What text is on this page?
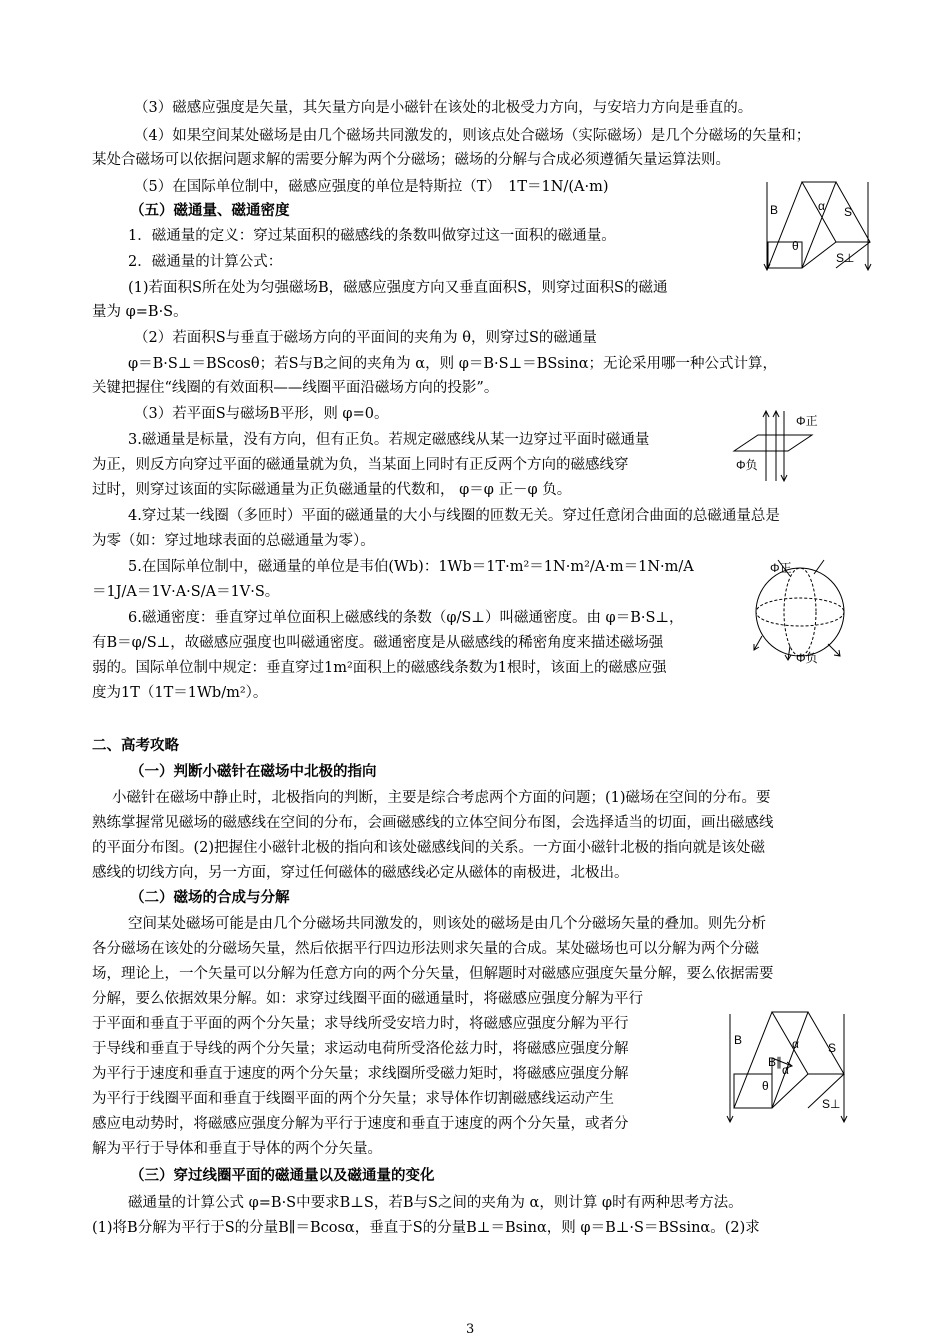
（3）磁感应强度是矢量，其矢量方向是小磁针在该处的北极受力方向，与安培力方向是垂直的。
（4）如果空间某处磁场是由几个磁场共同激发的，则该点处合磁场（实际磁场）是几个分磁场的矢量和；
某处合磁场可以依据问题求解的需要分解为两个分磁场；磁场的分解与合成必须遵循矢量运算法则。
（5）在国际单位制中，磁感应强度的单位是特斯拉（T）　1T＝1N/(A·m)
（五）磁通量、磁通密度
1．磁通量的定义：穿过某面积的磁感线的条数叫做穿过这一面积的磁通量。
2．磁通量的计算公式：
(1)若面积S所在处为匀强磁场B，磁感应强度方向又垂直面积S，则穿过面积S的磁通
量为 φ=B·S。
（2）若面积S与垂直于磁场方向的平面间的夹角为 θ，则穿过S的磁通量
φ＝B·S⊥＝BScosθ；若S与B之间的夹角为 α，则 φ＝B·S⊥＝BSsinα；无论采用哪一种公式计算，
关键把握住“线圈的有效面积——线圈平面沿磁场方向的投影”。
（3）若平面S与磁场B平形，则 φ=0。
3.磁通量是标量，没有方向，但有正负。若规定磁感线从某一边穿过平面时磁通量
为正，则反方向穿过平面的磁通量就为负，当某面上同时有正反两个方向的磁感线穿
过时，则穿过该面的实际磁通量为正负磁通量的代数和， φ＝φ 正－φ 负。
4.穿过某一线圈（多匝时）平面的磁通量的大小与线圈的匝数无关。穿过任意闭合曲面的总磁通量总是
为零（如：穿过地球表面的总磁通量为零）。
5.在国际单位制中，磁通量的单位是韦伯(Wb)：1Wb＝1T·m²＝1N·m²/A·m＝1N·m/A
＝1J/A＝1V·A·S/A＝1V·S。
6.磁通密度：垂直穿过单位面积上磁感线的条数（φ/S⊥）叫磁通密度。由 φ＝B·S⊥，
有B＝φ/S⊥，故磁感应强度也叫磁通密度。磁通密度是从磁感线的稀密角度来描述磁场强
弱的。国际单位制中规定：垂直穿过1m²面积上的磁感线条数为1根时，该面上的磁感应强
度为1T（1T＝1Wb/m²）。
二、高考攻略
（一）判断小磁针在磁场中北极的指向
小磁针在磁场中静止时，北极指向的判断，主要是综合考虑两个方面的问题；(1)磁场在空间的分布。要
熟练掌握常见磁场的磁感线在空间的分布，会画磁感线的立体空间分布图，会选择适当的切面，画出磁感线
的平面分布图。(2)把握住小磁针北极的指向和该处磁感线间的关系。一方面小磁针北极的指向就是该处磁
感线的切线方向，另一方面，穿过任何磁体的磁感线必定从磁体的南极进，北极出。
（二）磁场的合成与分解
空间某处磁场可能是由几个分磁场共同激发的，则该处的磁场是由几个分磁场矢量的叠加。则先分析
各分磁场在该处的分磁场矢量，然后依据平行四边形法则求矢量的合成。某处磁场也可以分解为两个分磁
场，理论上，一个矢量可以分解为任意方向的两个分矢量，但解题时对磁感应强度矢量分解，要么依据需要
分解，要么依据效果分解。如：求穿过线圈平面的磁通量时，将磁感应强度分解为平行
于平面和垂直于平面的两个分矢量；求导线所受安培力时，将磁感应强度分解为平行
于导线和垂直于导线的两个分矢量；求运动电荷所受洛伦兹力时，将磁感应强度分解
为平行于速度和垂直于速度的两个分矢量；求线圈所受磁力矩时，将磁感应强度分解
为平行于线圈平面和垂直于线圈平面的两个分矢量；求导体作切割磁感线运动产生
感应电动势时，将磁感应强度分解为平行于速度和垂直于速度的两个分矢量，或者分
解为平行于导体和垂直于导体的两个分矢量。
（三）穿过线圈平面的磁通量以及磁通量的变化
磁通量的计算公式 φ=B·S中要求B⊥S，若B与S之间的夹角为 α，则计算 φ时有两种思考方法。
(1)将B分解为平行于S的分量B∥＝Bcosα，垂直于S的分量B⊥＝Bsinα，则 φ＝B⊥·S＝BSsinα。(2)求
B	α S
θ
S⊥
Φ正
Φ负
Φ正
Φ负
B
B∥
α
α
S
θ
S⊥
3
